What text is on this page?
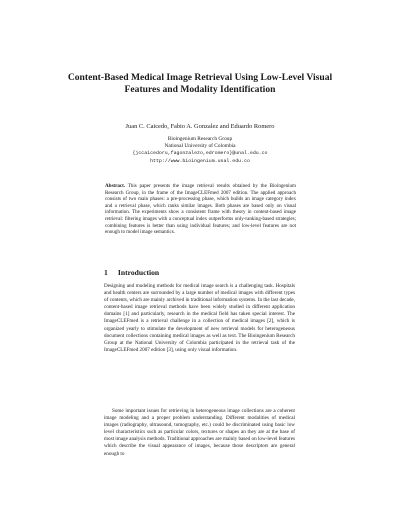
Content-Based Medical Image Retrieval Using Low-Level Visual Features and Modality Identification
Juan C. Caicedo, Fabio A. Gonzalez and Eduardo Romero
Bioingenium Research Group
National University of Colombia
{jccaicedoru,fagonzalezo,edromero}@unal.edu.co
http://www.bioingenium.unal.edu.co
Abstract. This paper presents the image retrieval results obtained by the Bioingenium Research Group, in the frame of the ImageCLEFmed 2007 edition. The applied approach consists of two main phases: a pre-processing phase, which builds an image category index and a retrieval phase, which ranks similar images. Both phases are based only on visual information. The experiments show a consistent frame with theory in content-based image retrieval: filtering images with a conceptual index outperforms only-ranking-based strategies; combining features is better than using individual features; and low-level features are not enough to model image semantics.
1 Introduction
Designing and modeling methods for medical image search is a challenging task. Hospitals and health centers are surrounded by a large number of medical images with different types of contents, which are mainly archived in traditional information systems. In the last decade, content-based image retrieval methods have been widely studied in different application domains [1] and particularly, research in the medical field has taken special interest. The ImageCLEFmed is a retrieval challenge in a collection of medical images [2], which is organized yearly to stimulate the development of new retrieval models for heterogeneous document collections containing medical images as well as text. The Bioingenium Research Group at the National University of Colombia participated in the retrieval task of the ImageCLEFmed 2007 edition [3], using only visual information.
Some important issues for retrieving in heterogeneous image collections are a coherent image modeling and a proper problem understanding. Different modalities of medical images (radiography, ultrasound, tomography, etc.) could be discriminated using basic low level characteristics such as particular colors, textures or shapes an they are at the base of most image analysis methods. Traditional approaches are mainly based on low-level features which describe the visual appearance of images, because those descriptors are general enough to
